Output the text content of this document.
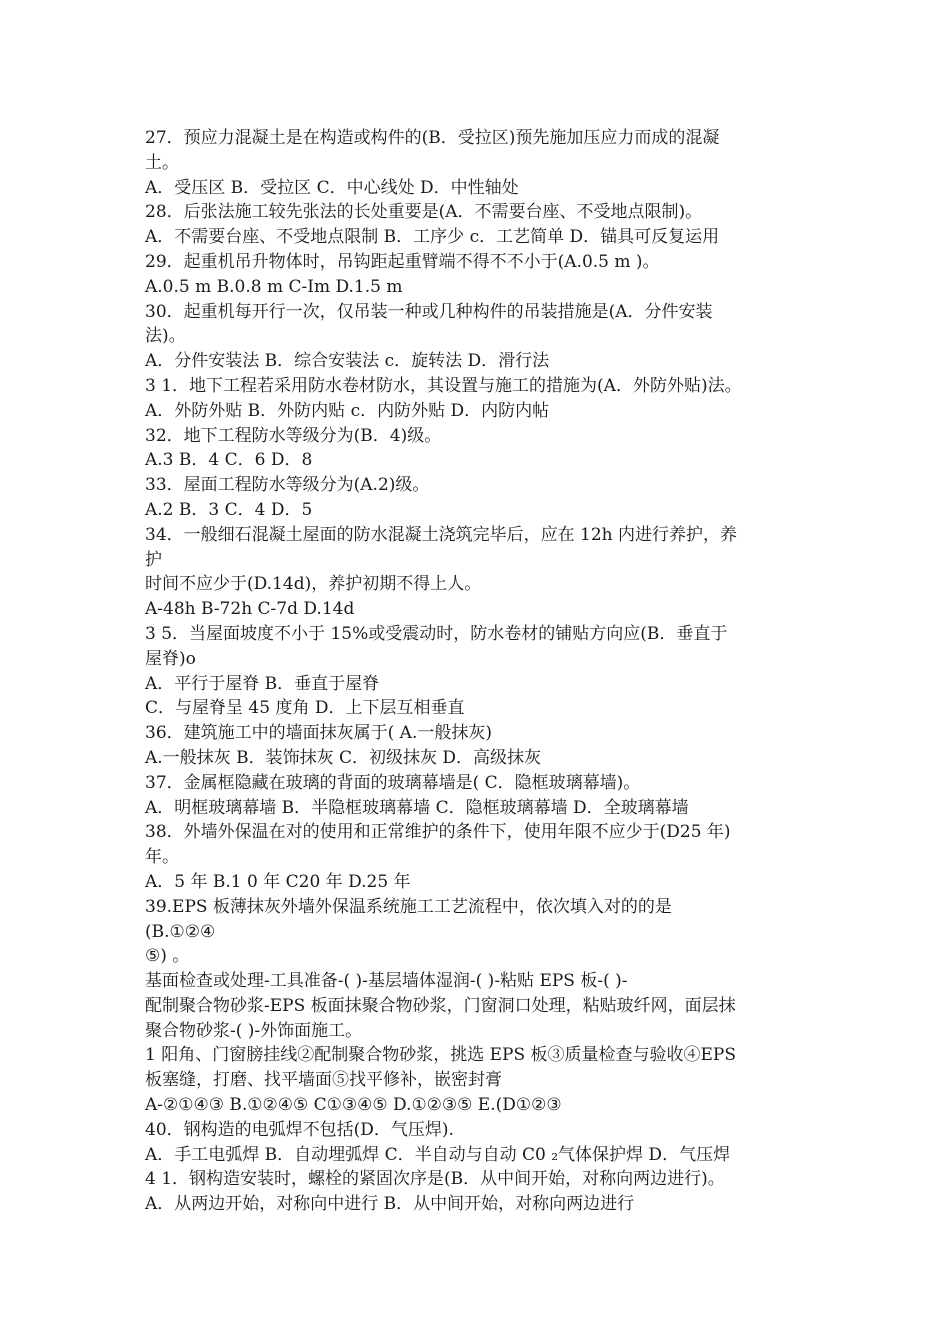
27．预应力混凝土是在构造或构件的(B．受拉区)预先施加压应力而成的混凝
土。
A．受压区 B．受拉区 C．中心线处 D．中性轴处
28．后张法施工较先张法的长处重要是(A．不需要台座、不受地点限制)。
A．不需要台座、不受地点限制 B．工序少 c．工艺简单 D．锚具可反复运用
29．起重机吊升物体时，吊钩距起重臂端不得不不小于(A.0.5 m )。
A.0.5 m B.0.8 m C-Im D.1.5 m
30．起重机每开行一次，仅吊装一种或几种构件的吊装措施是(A．分件安装
法)。
A．分件安装法 B．综合安装法 c．旋转法 D．滑行法
3 1．地下工程若采用防水卷材防水，其设置与施工的措施为(A．外防外贴)法。
A．外防外贴 B．外防内贴 c．内防外贴 D．内防内帖
32．地下工程防水等级分为(B．4)级。
A.3 B．4 C．6 D．8
33．屋面工程防水等级分为(A.2)级。
A.2 B．3 C．4 D．5
34．一般细石混凝土屋面的防水混凝土浇筑完毕后，应在 12h 内进行养护，养
护
时间不应少于(D.14d)，养护初期不得上人。
A-48h B-72h C-7d D.14d
3 5．当屋面坡度不小于 15%或受震动时，防水卷材的铺贴方向应(B．垂直于
屋脊)o
A．平行于屋脊 B．垂直于屋脊
C．与屋脊呈 45 度角 D．上下层互相垂直
36．建筑施工中的墙面抹灰属于( A.一般抹灰)
A.一般抹灰 B．装饰抹灰 C．初级抹灰 D．高级抹灰
37．金属框隐藏在玻璃的背面的玻璃幕墙是( C．隐框玻璃幕墙)。
A．明框玻璃幕墙 B．半隐框玻璃幕墙 C．隐框玻璃幕墙 D．全玻璃幕墙
38．外墙外保温在对的使用和正常维护的条件下，使用年限不应少于(D25 年)
年。
A．5 年 B.1 0 年 C20 年 D.25 年
39.EPS 板薄抹灰外墙外保温系统施工工艺流程中，依次填入对的的是
(B.①②④
⑤) 。
基面检查或处理-工具准备-( )-基层墙体湿润-( )-粘贴 EPS 板-( )-
配制聚合物砂浆-EPS 板面抹聚合物砂浆，门窗洞口处理，粘贴玻纤网，面层抹
聚合物砂浆-( )-外饰面施工。
1 阳角、门窗膀挂线②配制聚合物砂浆，挑选 EPS 板③质量检查与验收④EPS
板塞缝，打磨、找平墙面⑤找平修补，嵌密封膏
A-②①④③ B.①②④⑤ C①③④⑤ D.①②③⑤ E.(D①②③
40．钢构造的电弧焊不包括(D．气压焊).
A．手工电弧焊 B．自动埋弧焊 C．半自动与自动 C0 ₂气体保护焊 D．气压焊
4 1．钢构造安装时，螺栓的紧固次序是(B．从中间开始，对称向两边进行)。
A．从两边开始，对称向中进行 B．从中间开始，对称向两边进行
